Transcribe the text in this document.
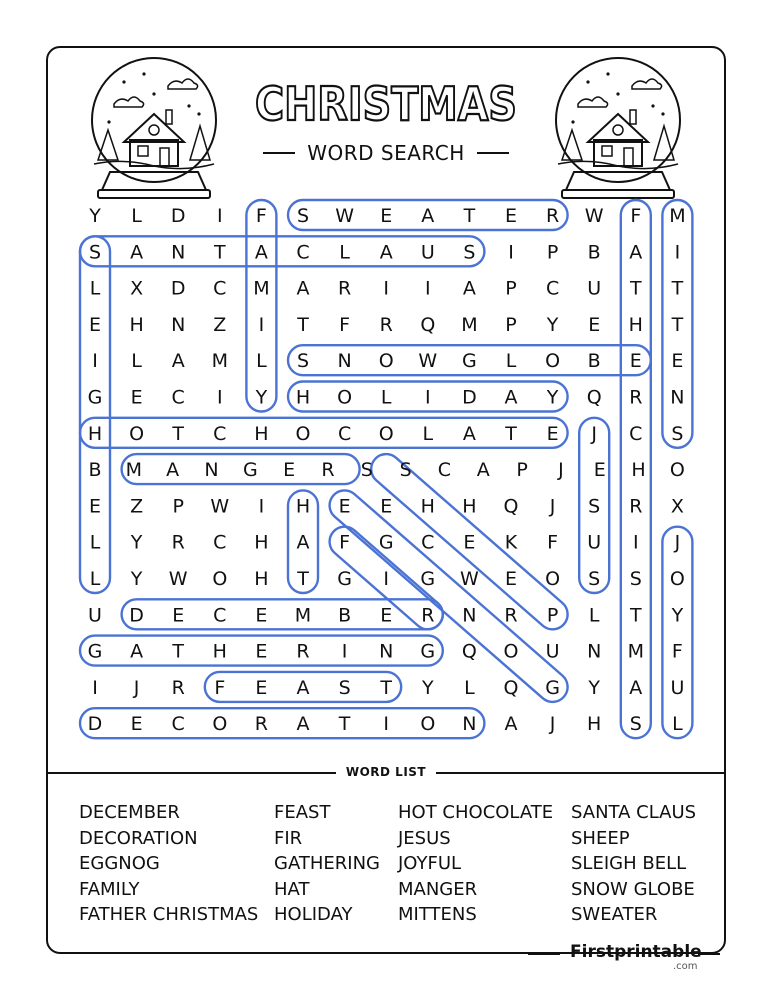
CHRISTMAS
WORD SEARCH
Y L D I F S W E A T E R W F M
S A N T A C L A U S I P B A I
L X D C M A R I I A P C U T T
E H N Z I T F R Q M P Y E H T
I L A M L S N O W G L O B E E
G E C I Y H O L I D A Y Q R N
H O T C H O C O L A T E J C S
B M A N G E R S S C A P J E H O
E Z P W I H E E H H Q J S R X
L Y R C H A F G C E K F U I J
L Y W O H T G I G W E O S S O
U D E C E M B E R N R P L T Y
G A T H E R I N G Q O U N M F
I J R F E A S T Y L Q G Y A U
D E C O R A T I O N A J H S L
WORD LIST
DECEMBER
DECORATION
EGGNOG
FAMILY
FATHER CHRISTMAS
FEAST
FIR
GATHERING
HAT
HOLIDAY
HOT CHOCOLATE
JESUS
JOYFUL
MANGER
MITTENS
SANTA CLAUS
SHEEP
SLEIGH BELL
SNOW GLOBE
SWEATER
Firstprintable
.com
